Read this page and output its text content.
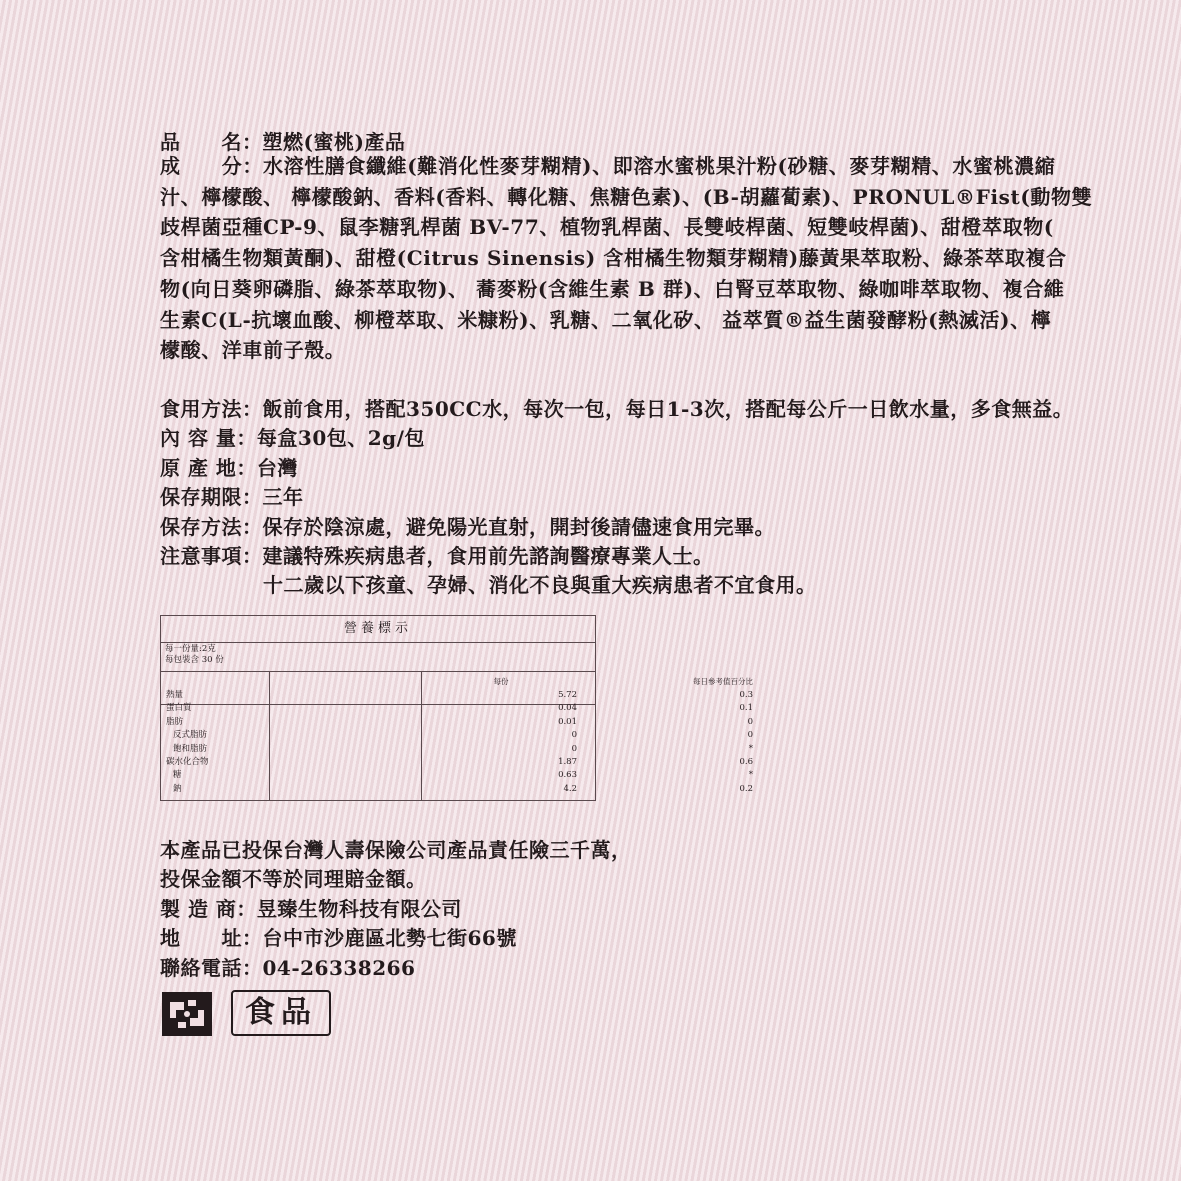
品　　名：塑燃(蜜桃)產品
成　　分：水溶性膳食纖維(難消化性麥芽糊精)、即溶水蜜桃果汁粉(砂糖、麥芽糊精、水蜜桃濃縮
汁、檸檬酸、 檸檬酸鈉、香料(香料、轉化糖、焦糖色素)、(B-胡蘿蔔素)、PRONUL®Fist(動物雙
歧桿菌亞種CP-9、鼠李糖乳桿菌 BV-77、植物乳桿菌、長雙岐桿菌、短雙岐桿菌)、甜橙萃取物(
含柑橘生物類黃酮)、甜橙(Citrus Sinensis) 含柑橘生物類芽糊精)藤黃果萃取粉、綠茶萃取複合
物(向日葵卵磷脂、綠茶萃取物)、 蕎麥粉(含維生素 B 群)、白腎豆萃取物、綠咖啡萃取物、複合維
生素C(L-抗壞血酸、柳橙萃取、米糠粉)、乳糖、二氧化矽、 益萃質®益生菌發酵粉(熱滅活)、檸
檬酸、洋車前子殼。
食用方法：飯前食用，搭配350CC水，每次一包，每日1-3次，搭配每公斤一日飲水量，多食無益。
內 容 量：每盒30包、2g/包
原 產 地：台灣
保存期限：三年
保存方法：保存於陰涼處，避免陽光直射，開封後請儘速食用完畢。
注意事項：建議特殊疾病患者，食用前先諮詢醫療專業人士。
十二歲以下孩童、孕婦、消化不良與重大疾病患者不宜食用。
營養標示
每一份量:2克
每包裝含 30 份
每份	每日參考值百分比
熱量	5.72	0.3
蛋白質	0.04	0.1
脂肪	0.01	0
反式脂肪	0	0
飽和脂肪	0	*
碳水化合物	1.87	0.6
糖	0.63	*
鈉	4.2	0.2
本產品已投保台灣人壽保險公司產品責任險三千萬，
投保金額不等於同理賠金額。
製 造 商：昱臻生物科技有限公司
地　　址：台中市沙鹿區北勢七街66號
聯絡電話：04-26338266
食品
